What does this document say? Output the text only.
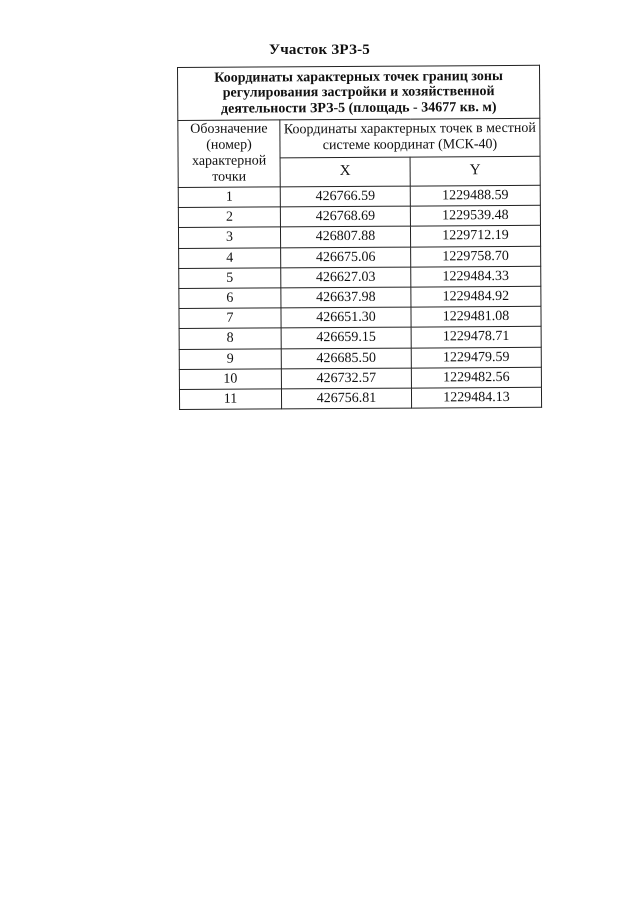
Участок ЗРЗ-5
Координаты характерных точек границ зоны регулирования застройки и хозяйственной деятельности ЗРЗ-5 (площадь - 34677 кв. м)		
Обозначение (номер) характерной точки	Координаты характерных точек в местной системе координат (МСК-40)	
	X	Y
1	426766.59	1229488.59
2	426768.69	1229539.48
3	426807.88	1229712.19
4	426675.06	1229758.70
5	426627.03	1229484.33
6	426637.98	1229484.92
7	426651.30	1229481.08
8	426659.15	1229478.71
9	426685.50	1229479.59
10	426732.57	1229482.56
11	426756.81	1229484.13
